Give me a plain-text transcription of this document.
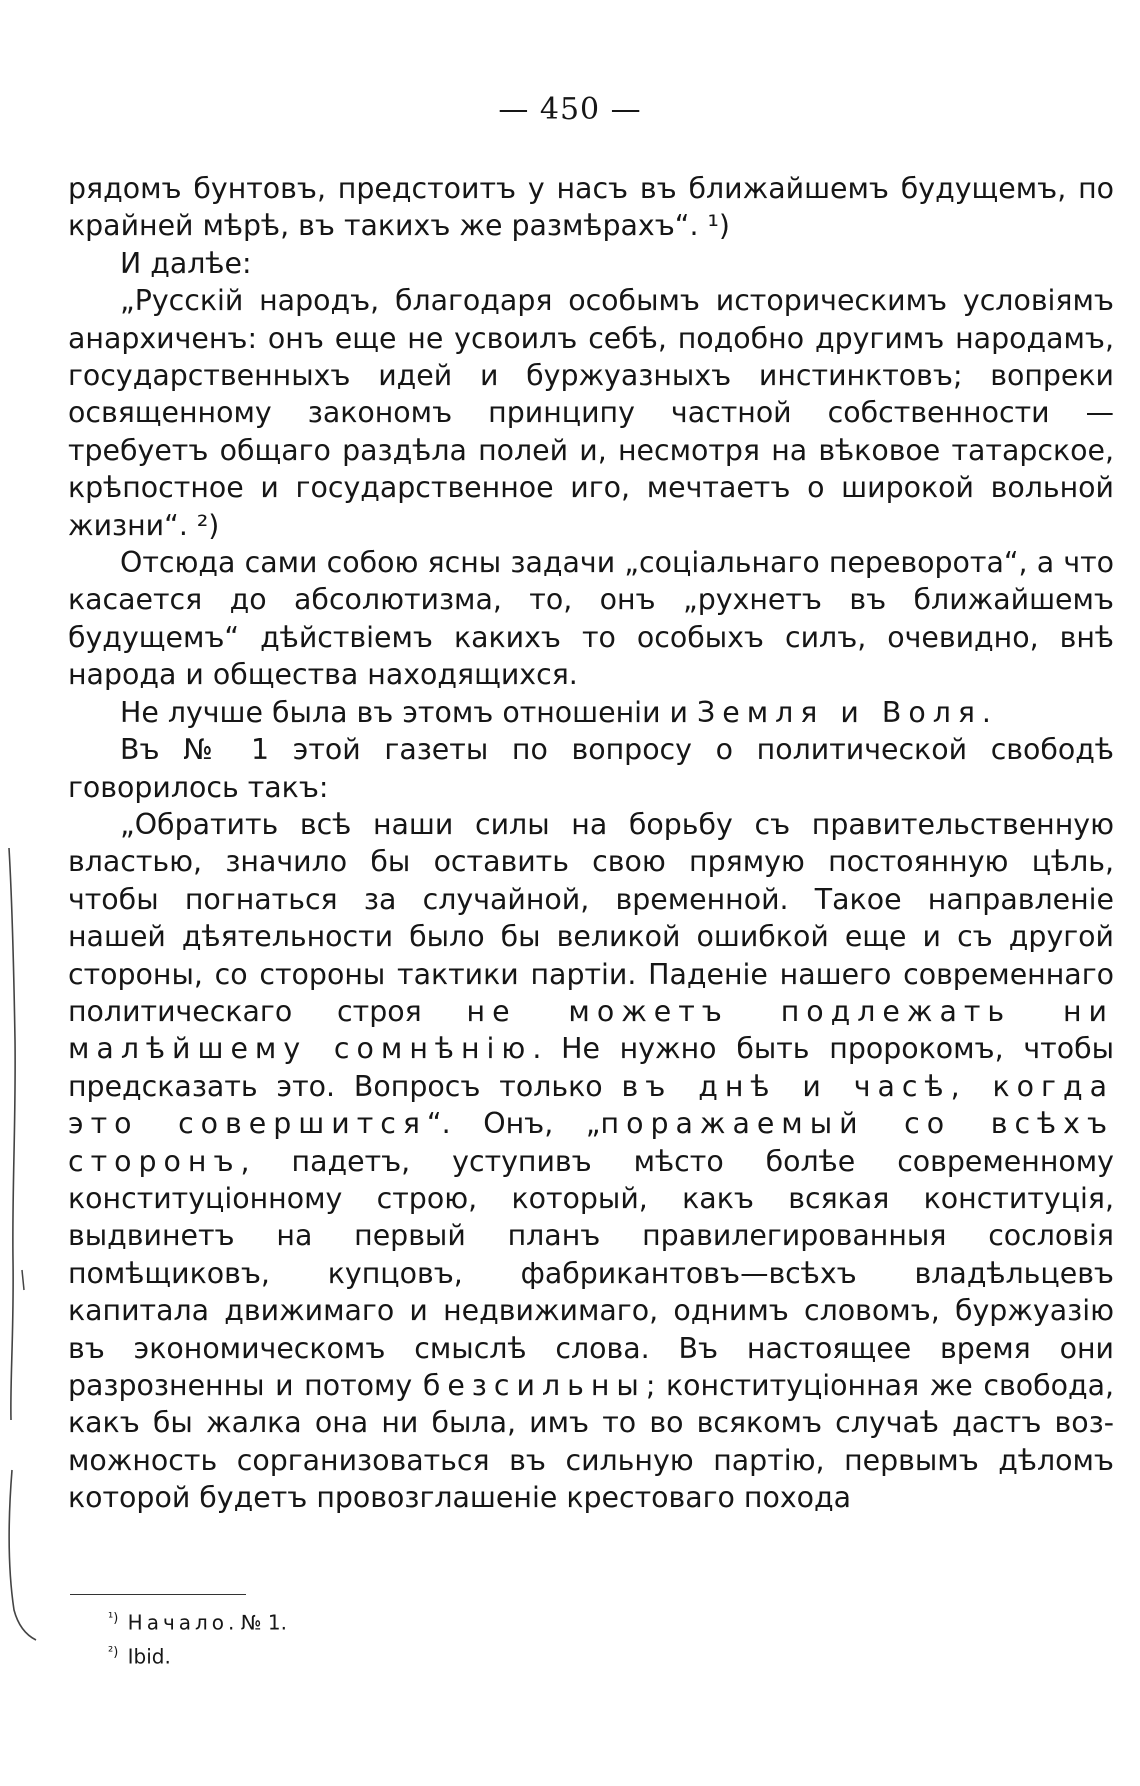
— 450 —

рядомъ бунтовъ, предстоитъ у насъ въ ближайшемъ будущемъ, по крайней мѣрѣ, въ такихъ же размѣрахъ“. ¹)

И далѣе:

„Русскій народъ, благодаря особымъ историческимъ условіямъ анархиченъ: онъ еще не усвоилъ себѣ, подобно другимъ народамъ, государственныхъ идей и буржуазныхъ инстинктовъ; вопреки освященному закономъ принципу частной собственности — требуетъ общаго раздѣла полей и, несмотря на вѣковое татарское, крѣпостное и государственное иго, мечтаетъ о широкой вольной жизни“. ²)

Отсюда сами собою ясны задачи „соціальнаго переворота“, а что касается до абсолютизма, то, онъ „рухнетъ въ ближайшемъ будущемъ“ дѣйствіемъ какихъ то особыхъ силъ, очевидно, внѣ народа и общества находящихся.

Не лучше была въ этомъ отношеніи и Земля и Воля.

Въ № 1 этой газеты по вопросу о политической свободѣ говорилось такъ:

„Обратить всѣ наши силы на борьбу съ правительственную властью, значило бы оставить свою прямую постоянную цѣль, чтобы погнаться за случайной, временной. Такое направленіе нашей дѣятельности было бы великой ошибкой еще и съ другой стороны, со стороны тактики партіи. Паденіе нашего современнаго политическаго строя не можетъ подлежать ни малѣйшему сомнѣнію. Не нужно быть пророкомъ, чтобы предсказать это. Вопросъ только въ днѣ и часѣ, когда это совершится“. Онъ, „поражаемый со всѣхъ сторонъ, падетъ, уступивъ мѣсто болѣе современному конституціонному строю, который, какъ всякая конституція, выдвинетъ на первый планъ правилегированныя сословія помѣщиковъ, купцовъ, фабрикантовъ—всѣхъ владѣльцевъ капитала движимаго и недвижимаго, однимъ словомъ, буржуазію въ экономическомъ смыслѣ слова. Въ настоящее время они разрозненны и потому безсильны; конституціонная же свобода, какъ бы жалка она ни была, имъ то во всякомъ случаѣ дастъ возможность сорганизоваться въ сильную партію, первымъ дѣломъ которой будетъ провозглашеніе крестоваго похода

$^{^1)}$ Начало. № 1.
$^{^2)}$ Ibid.
